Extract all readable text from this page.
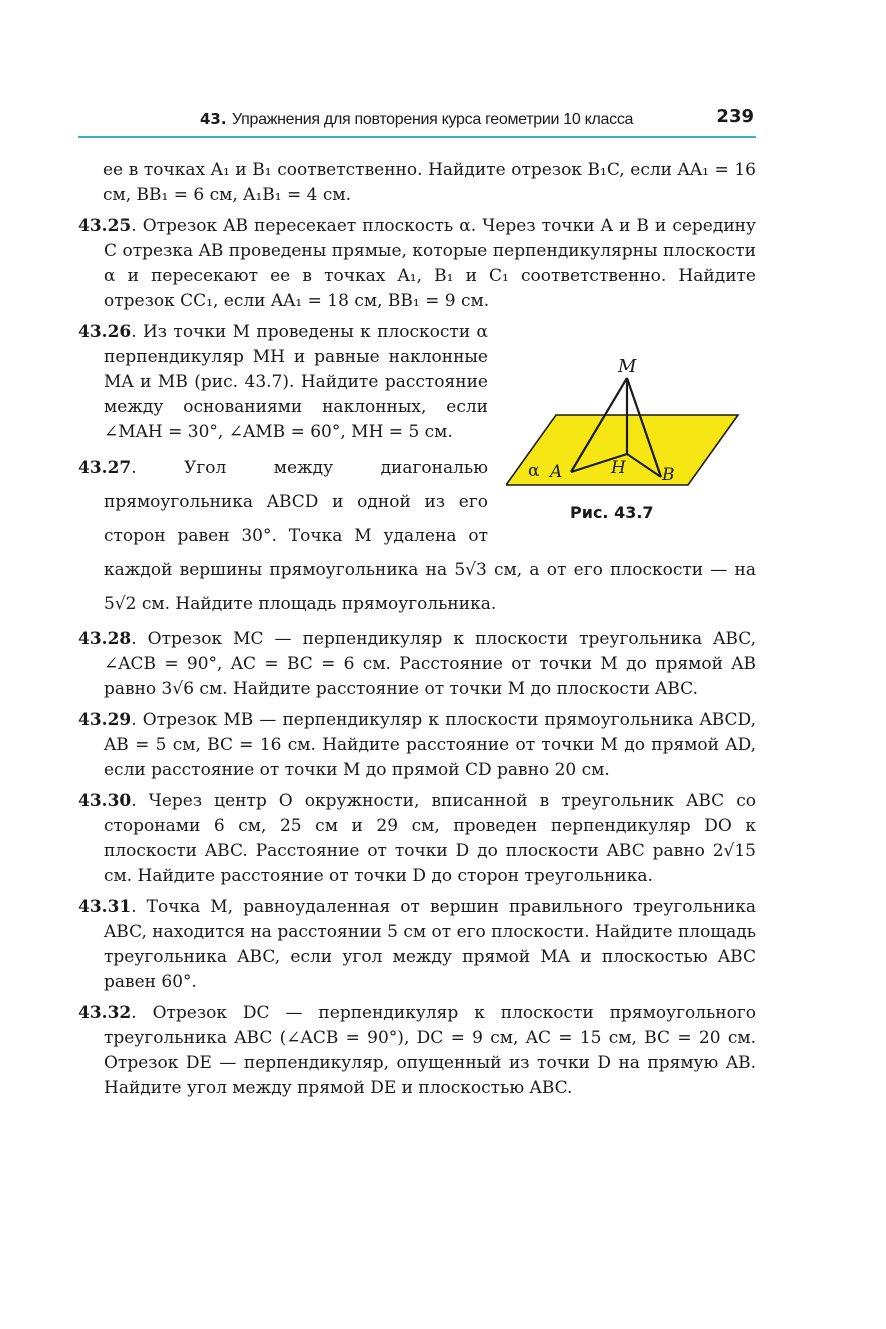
43. Упражнения для повторения курса геометрии 10 класса	239

ее в точках A₁ и B₁ соответственно. Найдите отрезок B₁C, если AA₁ = 16 см, BB₁ = 6 см, A₁B₁ = 4 см.

43.25. Отрезок AB пересекает плоскость α. Через точки A и B и середину C отрезка AB проведены прямые, которые перпендикулярны плоскости α и пересекают ее в точках A₁, B₁ и C₁ соответственно. Найдите отрезок CC₁, если AA₁ = 18 см, BB₁ = 9 см.

M
A	H B
α
Рис. 43.7

43.26. Из точки M проведены к плоскости α перпендикуляр MH и равные наклонные MA и MB (рис. 43.7). Найдите расстояние между основаниями наклонных, если ∠MAH = 30°, ∠AMB = 60°, MH = 5 см.

43.27. Угол между диагональю прямоугольника ABCD и одной из его сторон равен 30°. Точка M удалена от каждой вершины прямоугольника на 5√3 см, а от его плоскости — на 5√2 см. Найдите площадь прямоугольника.

43.28. Отрезок MC — перпендикуляр к плоскости треугольника ABC, ∠ACB = 90°, AC = BC = 6 см. Расстояние от точки M до прямой AB равно 3√6 см. Найдите расстояние от точки M до плоскости ABC.

43.29. Отрезок MB — перпендикуляр к плоскости прямоугольника ABCD, AB = 5 см, BC = 16 см. Найдите расстояние от точки M до прямой AD, если расстояние от точки M до прямой CD равно 20 см.

43.30. Через центр O окружности, вписанной в треугольник ABC со сторонами 6 см, 25 см и 29 см, проведен перпендикуляр DO к плоскости ABC. Расстояние от точки D до плоскости ABC равно 2√15 см. Найдите расстояние от точки D до сторон треугольника.

43.31. Точка M, равноудаленная от вершин правильного треугольника ABC, находится на расстоянии 5 см от его плоскости. Найдите площадь треугольника ABC, если угол между прямой MA и плоскостью ABC равен 60°.

43.32. Отрезок DC — перпендикуляр к плоскости прямоугольного треугольника ABC (∠ACB = 90°), DC = 9 см, AC = 15 см, BC = 20 см. Отрезок DE — перпендикуляр, опущенный из точки D на прямую AB. Найдите угол между прямой DE и плоскостью ABC.
